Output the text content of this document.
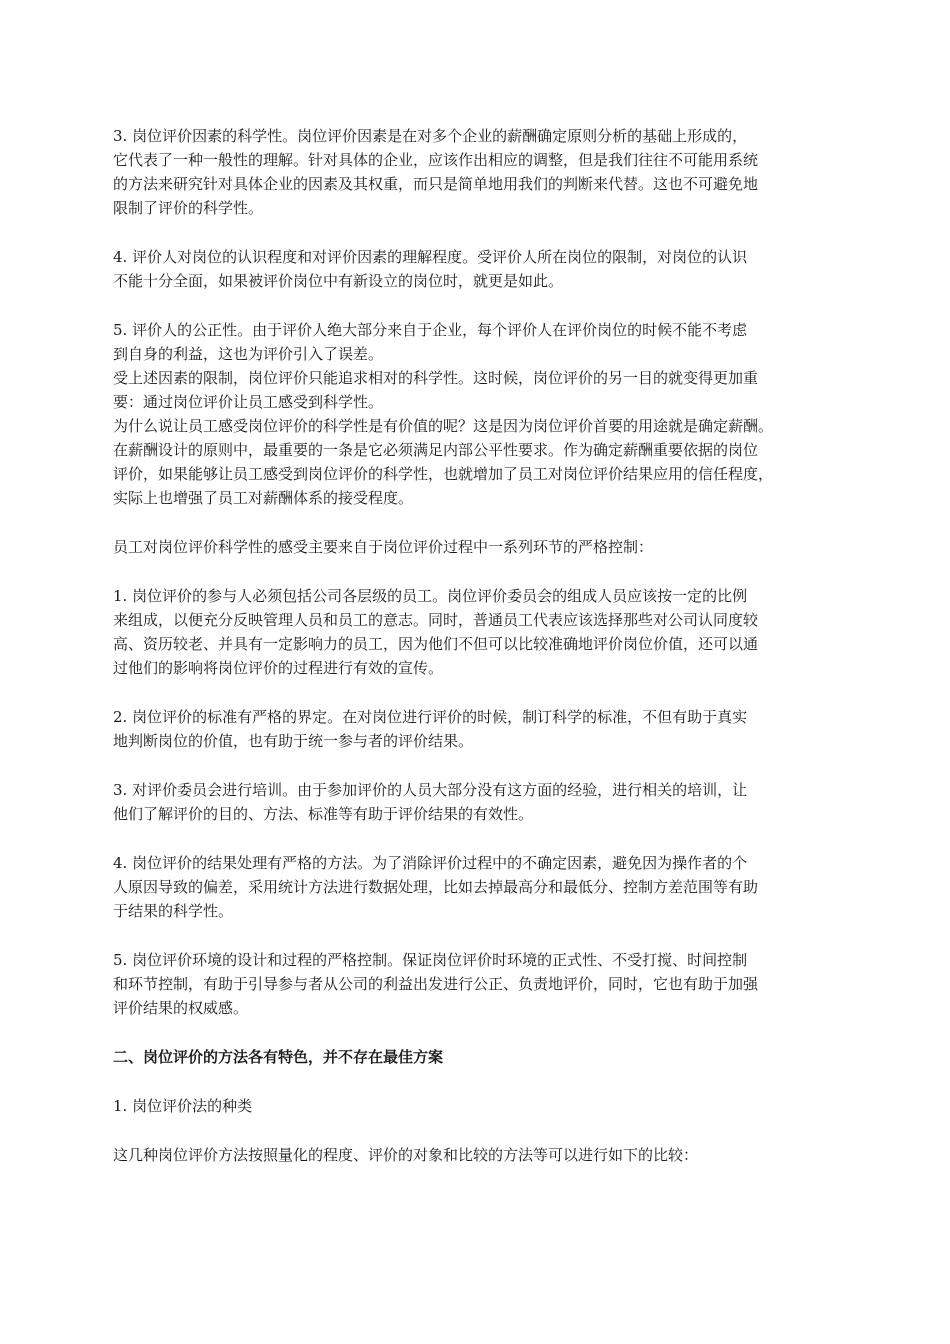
3. 岗位评价因素的科学性。岗位评价因素是在对多个企业的薪酬确定原则分析的基础上形成的，
它代表了一种一般性的理解。针对具体的企业，应该作出相应的调整，但是我们往往不可能用系统
的方法来研究针对具体企业的因素及其权重，而只是简单地用我们的判断来代替。这也不可避免地
限制了评价的科学性。
4. 评价人对岗位的认识程度和对评价因素的理解程度。受评价人所在岗位的限制，对岗位的认识
不能十分全面，如果被评价岗位中有新设立的岗位时，就更是如此。
5. 评价人的公正性。由于评价人绝大部分来自于企业，每个评价人在评价岗位的时候不能不考虑
到自身的利益，这也为评价引入了误差。
受上述因素的限制，岗位评价只能追求相对的科学性。这时候，岗位评价的另一目的就变得更加重
要：通过岗位评价让员工感受到科学性。
为什么说让员工感受岗位评价的科学性是有价值的呢？这是因为岗位评价首要的用途就是确定薪酬。
在薪酬设计的原则中，最重要的一条是它必须满足内部公平性要求。作为确定薪酬重要依据的岗位
评价，如果能够让员工感受到岗位评价的科学性，也就增加了员工对岗位评价结果应用的信任程度，
实际上也增强了员工对薪酬体系的接受程度。
员工对岗位评价科学性的感受主要来自于岗位评价过程中一系列环节的严格控制：
1. 岗位评价的参与人必须包括公司各层级的员工。岗位评价委员会的组成人员应该按一定的比例
来组成，以便充分反映管理人员和员工的意志。同时，普通员工代表应该选择那些对公司认同度较
高、资历较老、并具有一定影响力的员工，因为他们不但可以比较准确地评价岗位价值，还可以通
过他们的影响将岗位评价的过程进行有效的宣传。
2. 岗位评价的标准有严格的界定。在对岗位进行评价的时候，制订科学的标准，不但有助于真实
地判断岗位的价值，也有助于统一参与者的评价结果。
3. 对评价委员会进行培训。由于参加评价的人员大部分没有这方面的经验，进行相关的培训，让
他们了解评价的目的、方法、标准等有助于评价结果的有效性。
4. 岗位评价的结果处理有严格的方法。为了消除评价过程中的不确定因素，避免因为操作者的个
人原因导致的偏差，采用统计方法进行数据处理，比如去掉最高分和最低分、控制方差范围等有助
于结果的科学性。
5. 岗位评价环境的设计和过程的严格控制。保证岗位评价时环境的正式性、不受打搅、时间控制
和环节控制，有助于引导参与者从公司的利益出发进行公正、负责地评价，同时，它也有助于加强
评价结果的权威感。
二、岗位评价的方法各有特色，并不存在最佳方案
1. 岗位评价法的种类
这几种岗位评价方法按照量化的程度、评价的对象和比较的方法等可以进行如下的比较：
